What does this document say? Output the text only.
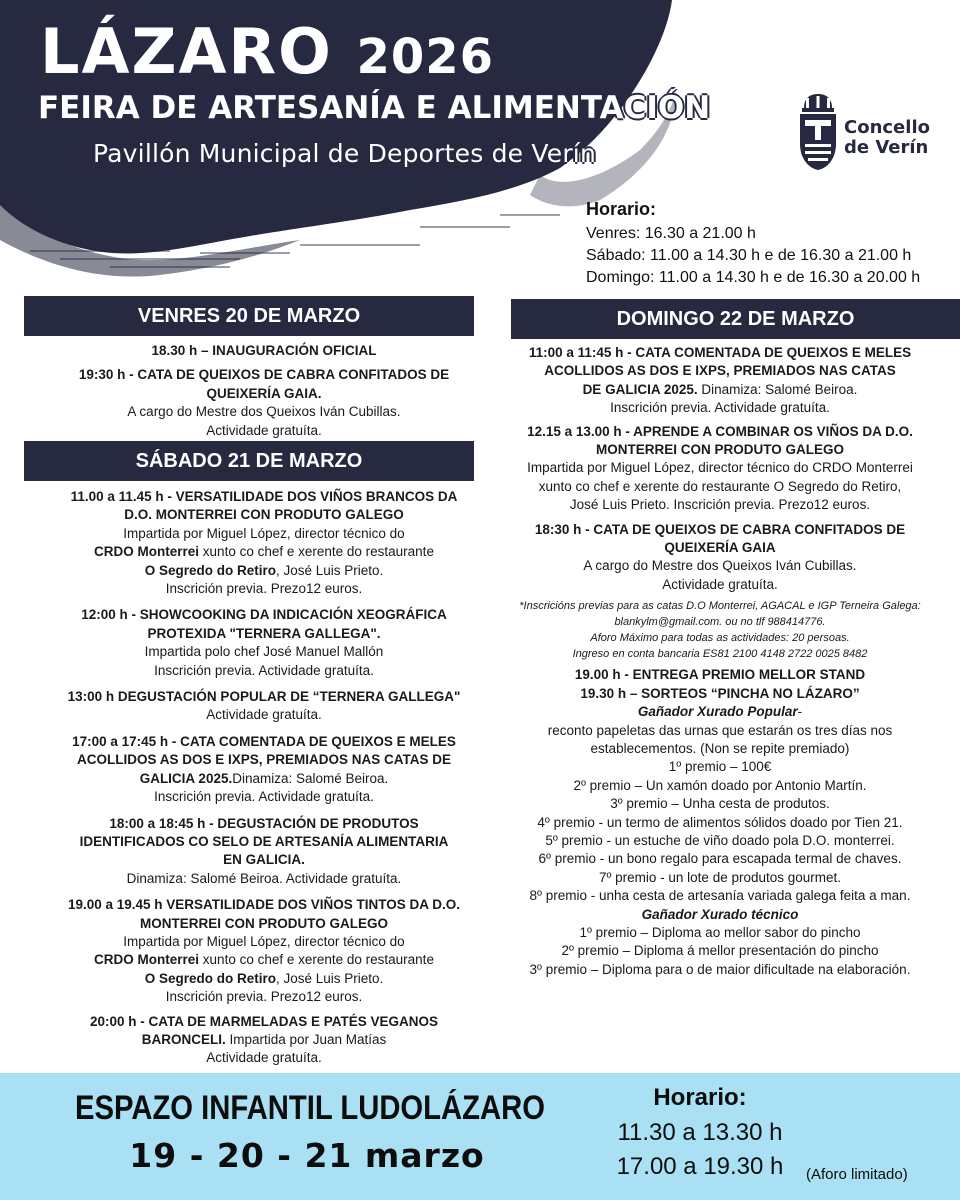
LÁZARO 2026
FEIRA DE ARTESANÍA E ALIMENTACIÓN
Pavillón Municipal de Deportes de Verín
Concello
de Verín
Horario:
Venres: 16.30 a 21.00 h
Sábado: 11.00 a 14.30 h e de 16.30 a 21.00 h
Domingo: 11.00 a 14.30 h e de 16.30 a 20.00 h
VENRES 20 DE MARZO
18.30 h – INAUGURACIÓN OFICIAL
19:30 h - CATA DE QUEIXOS DE CABRA CONFITADOS DE
QUEIXERÍA GAIA.
A cargo do Mestre dos Queixos Iván Cubillas.
Actividade gratuíta.
SÁBADO 21 DE MARZO
11.00 a 11.45 h - VERSATILIDADE DOS VIÑOS BRANCOS DA
D.O. MONTERREI CON PRODUTO GALEGO
Impartida por Miguel López, director técnico do
CRDO Monterrei xunto co chef e xerente do restaurante
O Segredo do Retiro, José Luis Prieto.
Inscrición previa. Prezo12 euros.
12:00 h - SHOWCOOKING DA INDICACIÓN XEOGRÁFICA
PROTEXIDA "TERNERA GALLEGA".
Impartida polo chef José Manuel Mallón
Inscrición previa. Actividade gratuíta.
13:00 h DEGUSTACIÓN POPULAR DE “TERNERA GALLEGA"
Actividade gratuíta.
17:00 a 17:45 h - CATA COMENTADA DE QUEIXOS E MELES
ACOLLIDOS AS DOS E IXPS, PREMIADOS NAS CATAS DE
GALICIA 2025.Dinamiza: Salomé Beiroa.
Inscrición previa. Actividade gratuíta.
18:00 a 18:45 h - DEGUSTACIÓN DE PRODUTOS
IDENTIFICADOS CO SELO DE ARTESANÍA ALIMENTARIA
EN GALICIA.
Dinamiza: Salomé Beiroa. Actividade gratuíta.
19.00 a 19.45 h VERSATILIDADE DOS VIÑOS TINTOS DA D.O.
MONTERREI CON PRODUTO GALEGO
Impartida por Miguel López, director técnico do
CRDO Monterrei xunto co chef e xerente do restaurante
O Segredo do Retiro, José Luis Prieto.
Inscrición previa. Prezo12 euros.
20:00 h - CATA DE MARMELADAS E PATÉS VEGANOS
BARONCELI. Impartida por Juan Matías
Actividade gratuíta.
DOMINGO 22 DE MARZO
11:00 a 11:45 h - CATA COMENTADA DE QUEIXOS E MELES
ACOLLIDOS AS DOS E IXPS, PREMIADOS NAS CATAS
DE GALICIA 2025. Dinamiza: Salomé Beiroa.
Inscrición previa. Actividade gratuíta.
12.15 a 13.00 h - APRENDE A COMBINAR OS VIÑOS DA D.O.
MONTERREI CON PRODUTO GALEGO
Impartida por Miguel López, director técnico do CRDO Monterrei
xunto co chef e xerente do restaurante O Segredo do Retiro,
José Luis Prieto. Inscrición previa. Prezo12 euros.
18:30 h - CATA DE QUEIXOS DE CABRA CONFITADOS DE
QUEIXERÍA GAIA
A cargo do Mestre dos Queixos Iván Cubillas.
Actividade gratuíta.
*Inscricións previas para as catas D.O Monterrei, AGACAL e IGP Terneira Galega:
blankylm@gmail.com. ou no tlf 988414776.
Aforo Máximo para todas as actividades: 20 persoas.
Ingreso en conta bancaria ES81 2100 4148 2722 0025 8482
19.00 h - ENTREGA PREMIO MELLOR STAND
19.30 h – SORTEOS “PINCHA NO LÁZARO”
Gañador Xurado Popular-
reconto papeletas das urnas que estarán os tres días nos
establecementos. (Non se repite premiado)
1º premio – 100€
2º premio – Un xamón doado por Antonio Martín.
3º premio – Unha cesta de produtos.
4º premio - un termo de alimentos sólidos doado por Tien 21.
5º premio - un estuche de viño doado pola D.O. monterrei.
6º premio - un bono regalo para escapada termal de chaves.
7º premio - un lote de produtos gourmet.
8º premio - unha cesta de artesanía variada galega feita a man.
Gañador Xurado técnico
1º premio – Diploma ao mellor sabor do pincho
2º premio – Diploma á mellor presentación do pincho
3º premio – Diploma para o de maior dificultade na elaboración.
ESPAZO INFANTIL LUDOLÁZARO
19 - 20 - 21 marzo
Horario:
11.30 a 13.30 h
17.00 a 19.30 h	(Aforo limitado)
